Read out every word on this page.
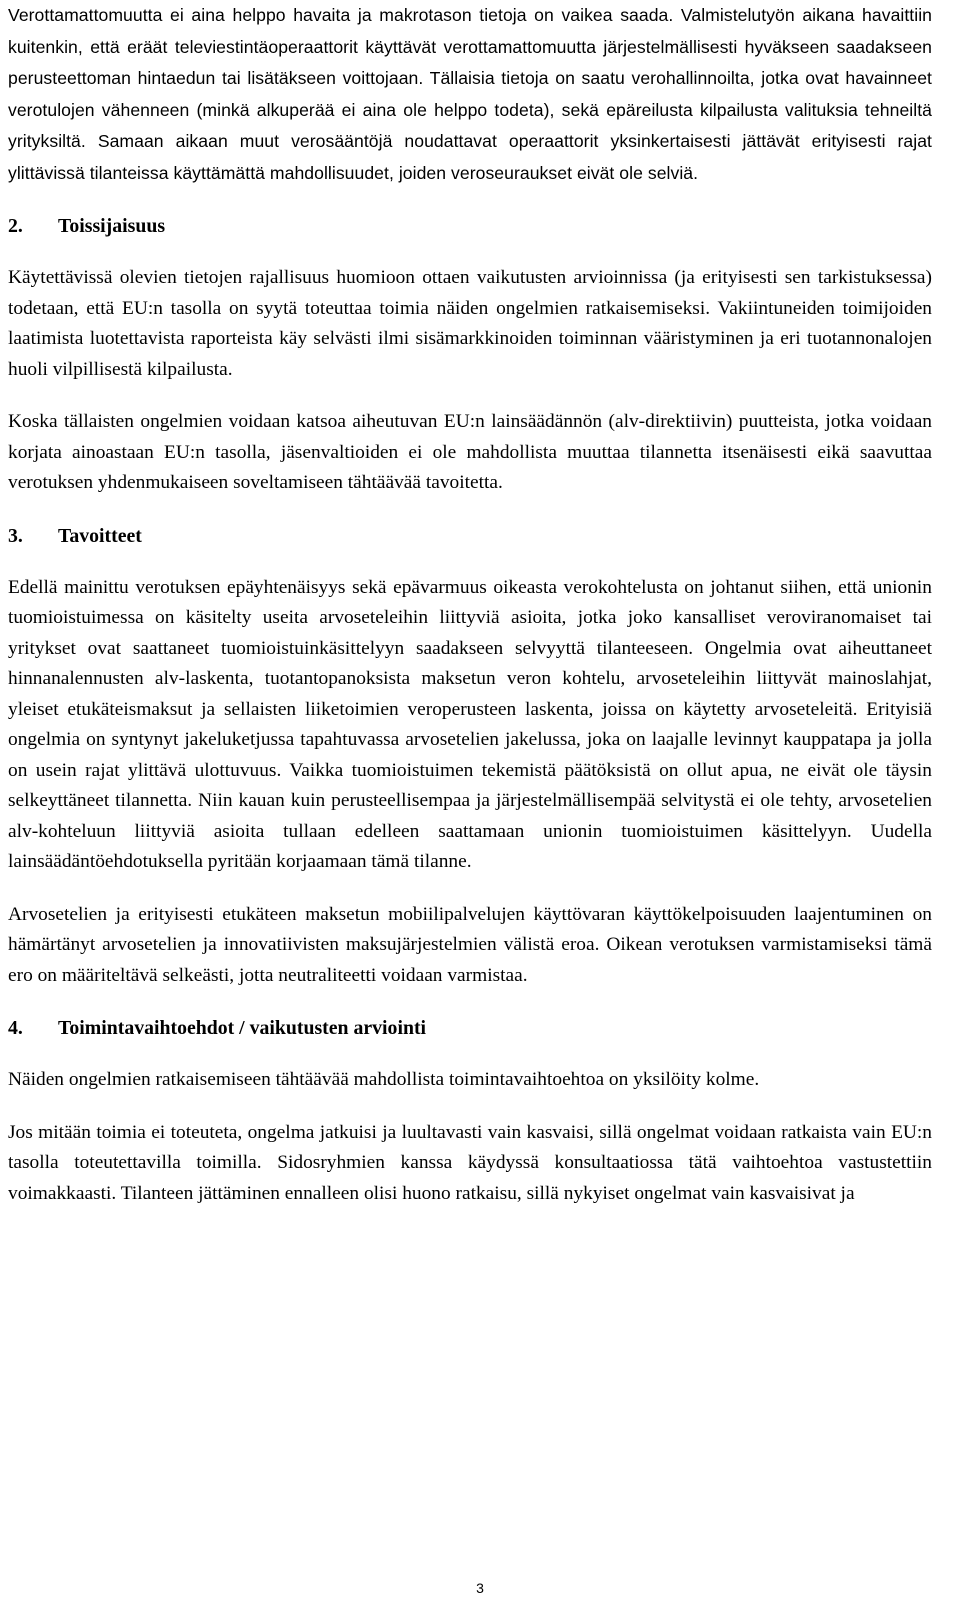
Verottamattomuutta ei aina helppo havaita ja makrotason tietoja on vaikea saada. Valmistelutyön aikana havaittiin kuitenkin, että eräät televiestintäoperaattorit käyttävät verottamattomuutta järjestelmällisesti hyväkseen saadakseen perusteettoman hintaedun tai lisätäkseen voittojaan. Tällaisia tietoja on saatu verohallinnoilta, jotka ovat havainneet verotulojen vähenneen (minkä alkuperää ei aina ole helppo todeta), sekä epäreilusta kilpailusta valituksia tehneiltä yrityksiltä. Samaan aikaan muut verosääntöjä noudattavat operaattorit yksinkertaisesti jättävät erityisesti rajat ylittävissä tilanteissa käyttämättä mahdollisuudet, joiden veroseuraukset eivät ole selviä.

2.	Toissijaisuus

Käytettävissä olevien tietojen rajallisuus huomioon ottaen vaikutusten arvioinnissa (ja erityisesti sen tarkistuksessa) todetaan, että EU:n tasolla on syytä toteuttaa toimia näiden ongelmien ratkaisemiseksi. Vakiintuneiden toimijoiden laatimista luotettavista raporteista käy selvästi ilmi sisämarkkinoiden toiminnan vääristyminen ja eri tuotannonalojen huoli vilpillisestä kilpailusta.

Koska tällaisten ongelmien voidaan katsoa aiheutuvan EU:n lainsäädännön (alv-direktiivin) puutteista, jotka voidaan korjata ainoastaan EU:n tasolla, jäsenvaltioiden ei ole mahdollista muuttaa tilannetta itsenäisesti eikä saavuttaa verotuksen yhdenmukaiseen soveltamiseen tähtäävää tavoitetta.

3.	Tavoitteet

Edellä mainittu verotuksen epäyhtenäisyys sekä epävarmuus oikeasta verokohtelusta on johtanut siihen, että unionin tuomioistuimessa on käsitelty useita arvoseteleihin liittyviä asioita, jotka joko kansalliset veroviranomaiset tai yritykset ovat saattaneet tuomioistuinkäsittelyyn saadakseen selvyyttä tilanteeseen. Ongelmia ovat aiheuttaneet hinnanalennusten alv-laskenta, tuotantopanoksista maksetun veron kohtelu, arvoseteleihin liittyvät mainoslahjat, yleiset etukäteismaksut ja sellaisten liiketoimien veroperusteen laskenta, joissa on käytetty arvoseteleitä. Erityisiä ongelmia on syntynyt jakeluketjussa tapahtuvassa arvosetelien jakelussa, joka on laajalle levinnyt kauppatapa ja jolla on usein rajat ylittävä ulottuvuus. Vaikka tuomioistuimen tekemistä päätöksistä on ollut apua, ne eivät ole täysin selkeyttäneet tilannetta. Niin kauan kuin perusteellisempaa ja järjestelmällisempää selvitystä ei ole tehty, arvosetelien alv-kohteluun liittyviä asioita tullaan edelleen saattamaan unionin tuomioistuimen käsittelyyn. Uudella lainsäädäntöehdotuksella pyritään korjaamaan tämä tilanne.

Arvosetelien ja erityisesti etukäteen maksetun mobiilipalvelujen käyttövaran käyttökelpoisuuden laajentuminen on hämärtänyt arvosetelien ja innovatiivisten maksujärjestelmien välistä eroa. Oikean verotuksen varmistamiseksi tämä ero on määriteltävä selkeästi, jotta neutraliteetti voidaan varmistaa.

4.	Toimintavaihtoehdot / vaikutusten arviointi

Näiden ongelmien ratkaisemiseen tähtäävää mahdollista toimintavaihtoehtoa on yksilöity kolme.

Jos mitään toimia ei toteuteta, ongelma jatkuisi ja luultavasti vain kasvaisi, sillä ongelmat voidaan ratkaista vain EU:n tasolla toteutettavilla toimilla. Sidosryhmien kanssa käydyssä konsultaatiossa tätä vaihtoehtoa vastustettiin voimakkaasti. Tilanteen jättäminen ennalleen olisi huono ratkaisu, sillä nykyiset ongelmat vain kasvaisivat ja

3
